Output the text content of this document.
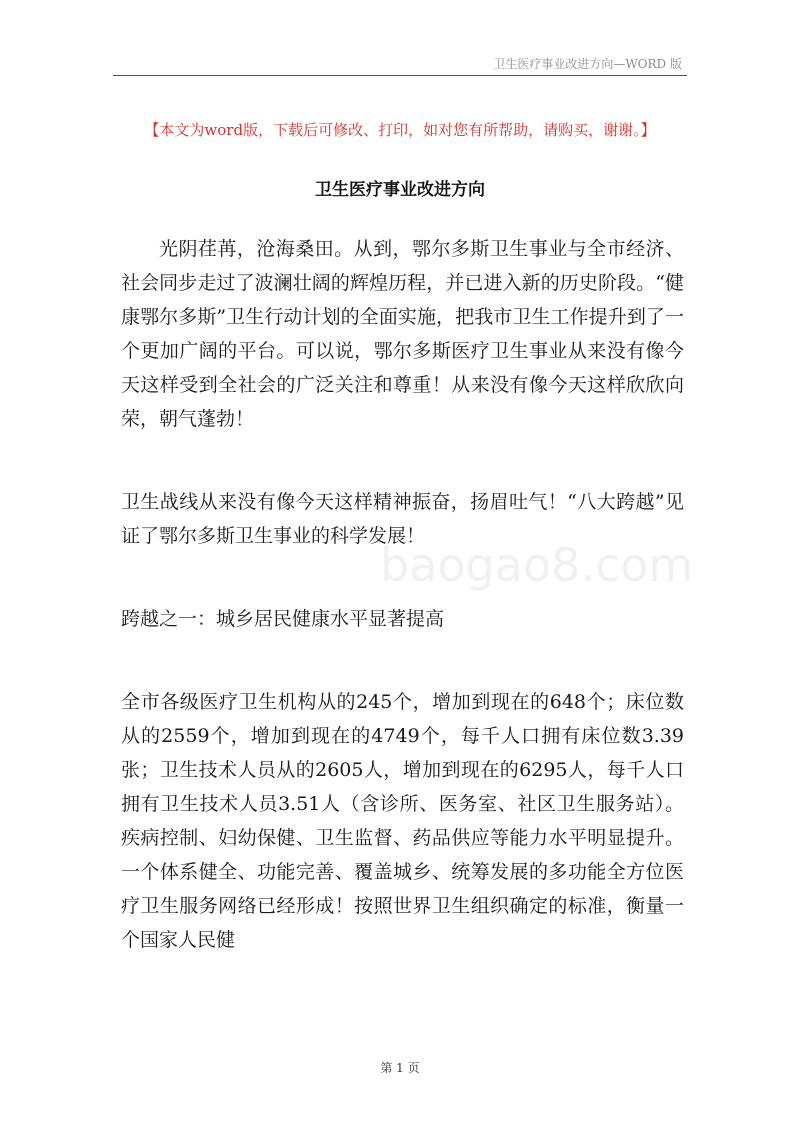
卫生医疗事业改进方向—WORD 版
【本文为word版，下载后可修改、打印，如对您有所帮助，请购买，谢谢。】
卫生医疗事业改进方向

光阴荏苒，沧海桑田。从到，鄂尔多斯卫生事业与全市经济、社会同步走过了波澜壮阔的辉煌历程，并已进入新的历史阶段。“健康鄂尔多斯”卫生行动计划的全面实施，把我市卫生工作提升到了一个更加广阔的平台。可以说，鄂尔多斯医疗卫生事业从来没有像今天这样受到全社会的广泛关注和尊重！从来没有像今天这样欣欣向荣，朝气蓬勃！

卫生战线从来没有像今天这样精神振奋，扬眉吐气！“八大跨越”见证了鄂尔多斯卫生事业的科学发展！

跨越之一：城乡居民健康水平显著提高

全市各级医疗卫生机构从的245个，增加到现在的648个；床位数从的2559个，增加到现在的4749个，每千人口拥有床位数3.39张；卫生技术人员从的2605人，增加到现在的6295人，每千人口拥有卫生技术人员3.51人（含诊所、医务室、社区卫生服务站）。疾病控制、妇幼保健、卫生监督、药品供应等能力水平明显提升。一个体系健全、功能完善、覆盖城乡、统筹发展的多功能全方位医疗卫生服务网络已经形成！按照世界卫生组织确定的标准，衡量一个国家人民健

baogao8.com
第 1 页
